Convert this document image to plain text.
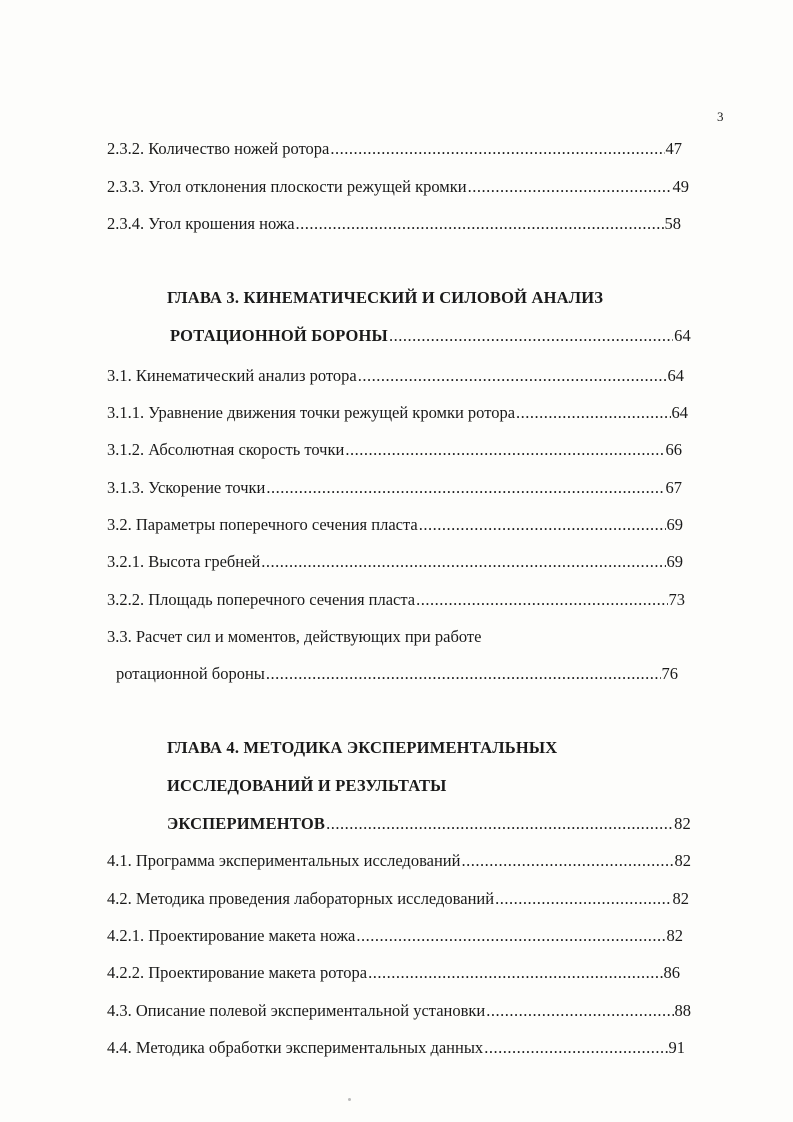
3
2.3.2. Количество ножей ротора .....	47
2.3.3. Угол отклонения плоскости режущей кромки .....	49
2.3.4. Угол крошения ножа .....	58
ГЛАВА 3. КИНЕМАТИЧЕСКИЙ И СИЛОВОЙ АНАЛИЗ
РОТАЦИОННОЙ БОРОНЫ .....	64
3.1. Кинематический анализ ротора .....	64
3.1.1. Уравнение движения точки режущей кромки ротора .....	64
3.1.2. Абсолютная скорость точки .....	66
3.1.3. Ускорение точки .....	67
3.2. Параметры поперечного сечения пласта .....	69
3.2.1. Высота гребней .....	69
3.2.2. Площадь поперечного сечения пласта .....	73
3.3. Расчет сил и моментов, действующих при работе
ротационной бороны .....	76
ГЛАВА 4. МЕТОДИКА ЭКСПЕРИМЕНТАЛЬНЫХ
ИССЛЕДОВАНИЙ И РЕЗУЛЬТАТЫ
ЭКСПЕРИМЕНТОВ .....	82
4.1. Программа экспериментальных исследований .....	82
4.2. Методика проведения лабораторных исследований .....	82
4.2.1. Проектирование макета ножа .....	82
4.2.2. Проектирование макета ротора .....	86
4.3. Описание полевой экспериментальной установки .....	88
4.4. Методика обработки экспериментальных данных .....	91
